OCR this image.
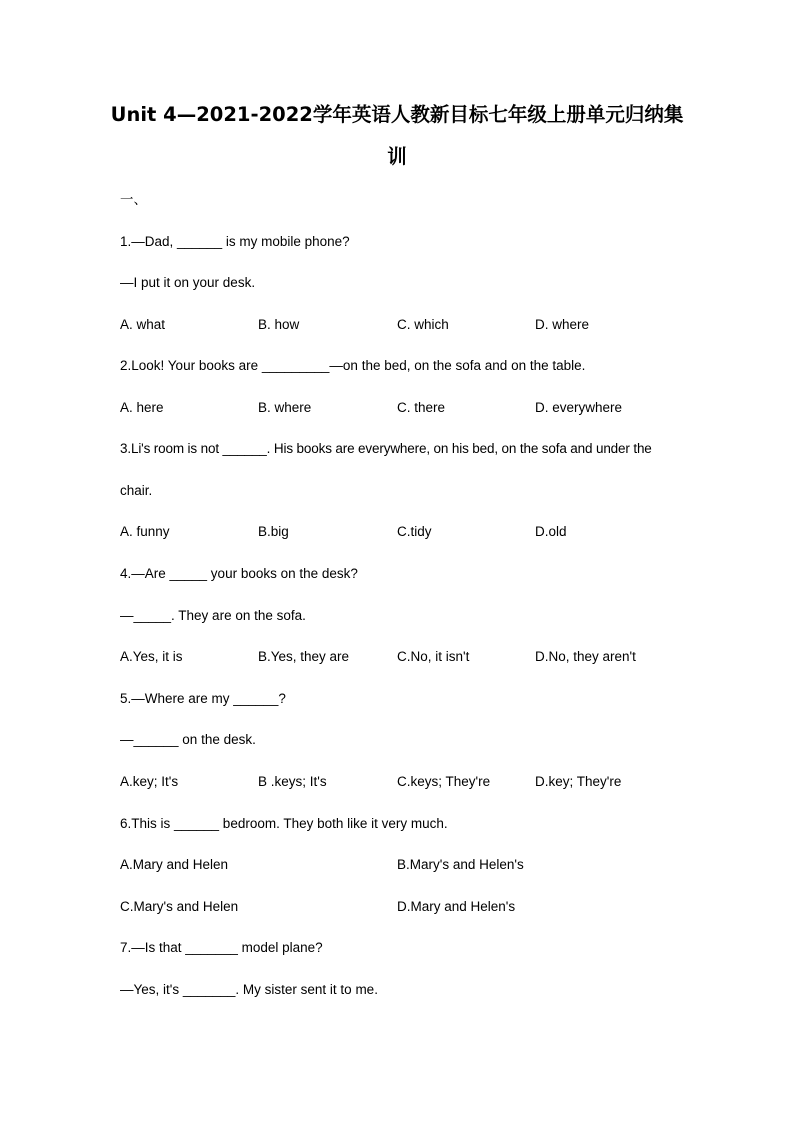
Unit 4—2021-2022学年英语人教新目标七年级上册单元归纳集
训
一、
1.—Dad, ______ is my mobile phone?
—I put it on your desk.
A. what	B. how	C. which	D. where
2.Look! Your books are _________—on the bed, on the sofa and on the table.
A. here	B. where	C. there	D. everywhere
3.Li's room is not ______. His books are everywhere, on his bed, on the sofa and under the
chair.
A. funny	B.big	C.tidy	D.old
4.—Are _____ your books on the desk?
—_____. They are on the sofa.
A.Yes, it is	B.Yes, they are	C.No, it isn't	D.No, they aren't
5.—Where are my ______?
—______ on the desk.
A.key; It's	B .keys; It's	C.keys; They're	D.key; They're
6.This is ______ bedroom. They both like it very much.
A.Mary and Helen	B.Mary's and Helen's
C.Mary's and Helen	D.Mary and Helen's
7.—Is that _______ model plane?
—Yes, it's _______. My sister sent it to me.
